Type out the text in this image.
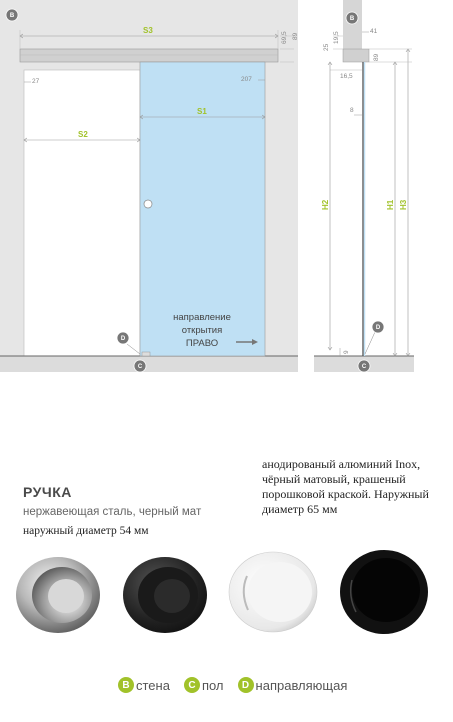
S3
S1
S2
27	207
69,5 89
направление
открытия
ПРАВО
B
D
C
B
25
19,5	41
89
16,5
8
H2	H1 H3
9
D
C

РУЧКА

нержавеющая сталь, черный мат

наружный диаметр 54 мм

анодированый алюминий Inox, чёрный матовый, крашеный порошковой краской. Наружный диаметр 65 мм

B стена	C пол	D направляющая
